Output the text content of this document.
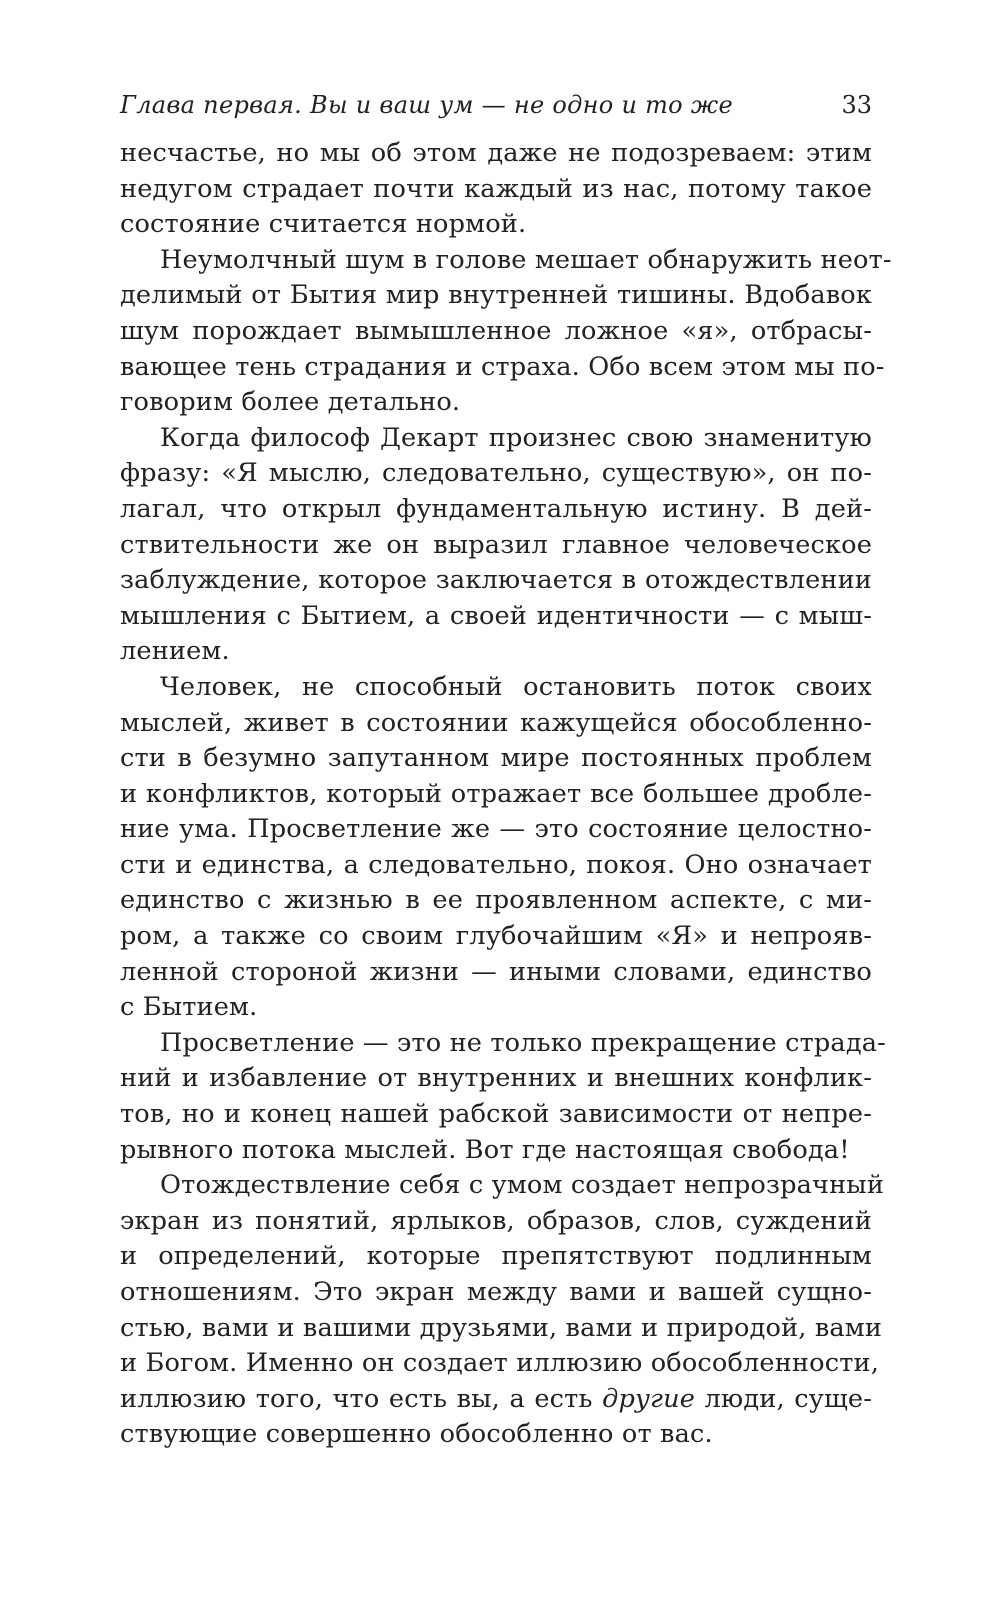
Глава первая. Вы и ваш ум — не одно и то же	33
несчастье, но мы об этом даже не подозреваем: этим
недугом страдает почти каждый из нас, потому такое
состояние считается нормой.
Неумолчный шум в голове мешает обнаружить неот-
делимый от Бытия мир внутренней тишины. Вдобавок
шум порождает вымышленное ложное «я», отбрасы-
вающее тень страдания и страха. Обо всем этом мы по-
говорим более детально.
Когда философ Декарт произнес свою знаменитую
фразу: «Я мыслю, следовательно, существую», он по-
лагал, что открыл фундаментальную истину. В дей-
ствительности же он выразил главное человеческое
заблуждение, которое заключается в отождествлении
мышления с Бытием, а своей идентичности — с мыш-
лением.
Человек, не способный остановить поток своих
мыслей, живет в состоянии кажущейся обособленно-
сти в безумно запутанном мире постоянных проблем
и конфликтов, который отражает все большее дробле-
ние ума. Просветление же — это состояние целостно-
сти и единства, а следовательно, покоя. Оно означает
единство с жизнью в ее проявленном аспекте, с ми-
ром, а также со своим глубочайшим «Я» и непрояв-
ленной стороной жизни — иными словами, единство
с Бытием.
Просветление — это не только прекращение страда-
ний и избавление от внутренних и внешних конфлик-
тов, но и конец нашей рабской зависимости от непре-
рывного потока мыслей. Вот где настоящая свобода!
Отождествление себя с умом создает непрозрачный
экран из понятий, ярлыков, образов, слов, суждений
и определений, которые препятствуют подлинным
отношениям. Это экран между вами и вашей сущно-
стью, вами и вашими друзьями, вами и природой, вами
и Богом. Именно он создает иллюзию обособленности,
иллюзию того, что есть вы, а есть другие люди, суще-
ствующие совершенно обособленно от вас.
